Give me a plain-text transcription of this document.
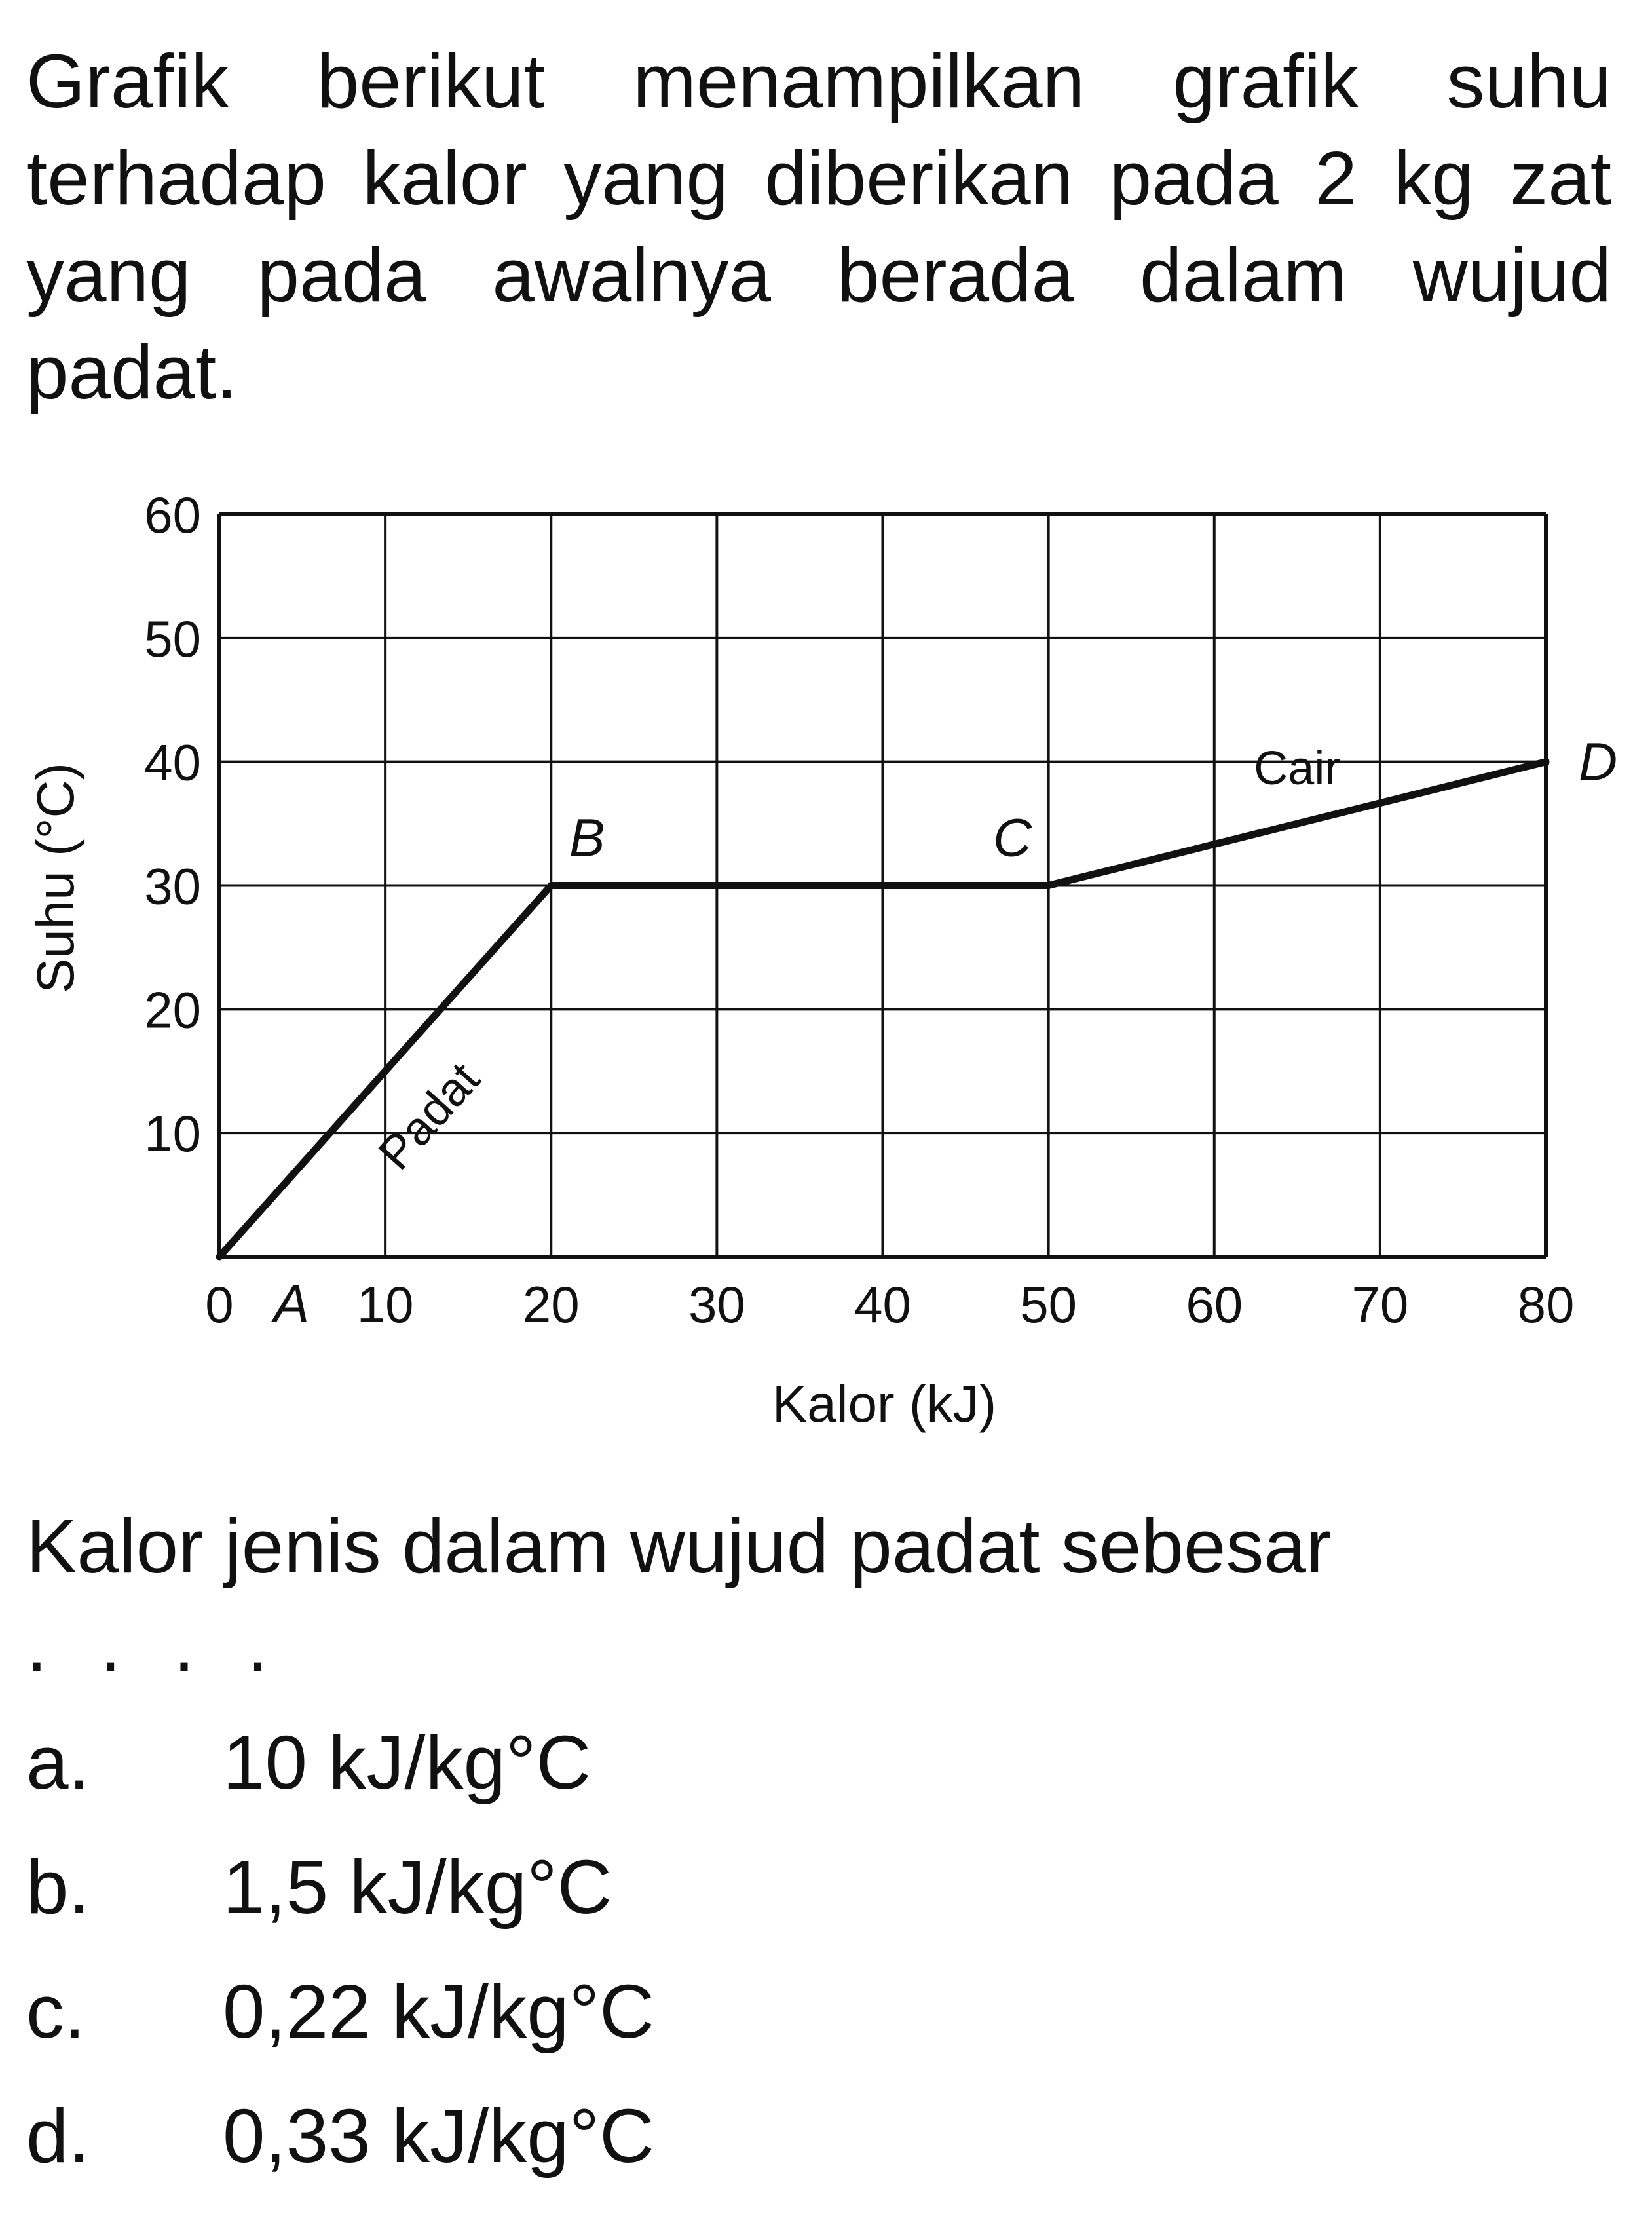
Grafik berikut menampilkan grafik suhu terhadap kalor yang diberikan pada 2 kg zat yang pada awalnya berada dalam wujud padat.
0 10 20 30 40 50 60 70 80
10
20
30
40
50
60
A
B	C
D
Padat
Cair
Kalor (kJ)
Suhu (°C)
Kalor jenis dalam wujud padat sebesar
. . . .
a. 10 kJ/kg°C
b. 1,5 kJ/kg°C
c. 0,22 kJ/kg°C
d. 0,33 kJ/kg°C
